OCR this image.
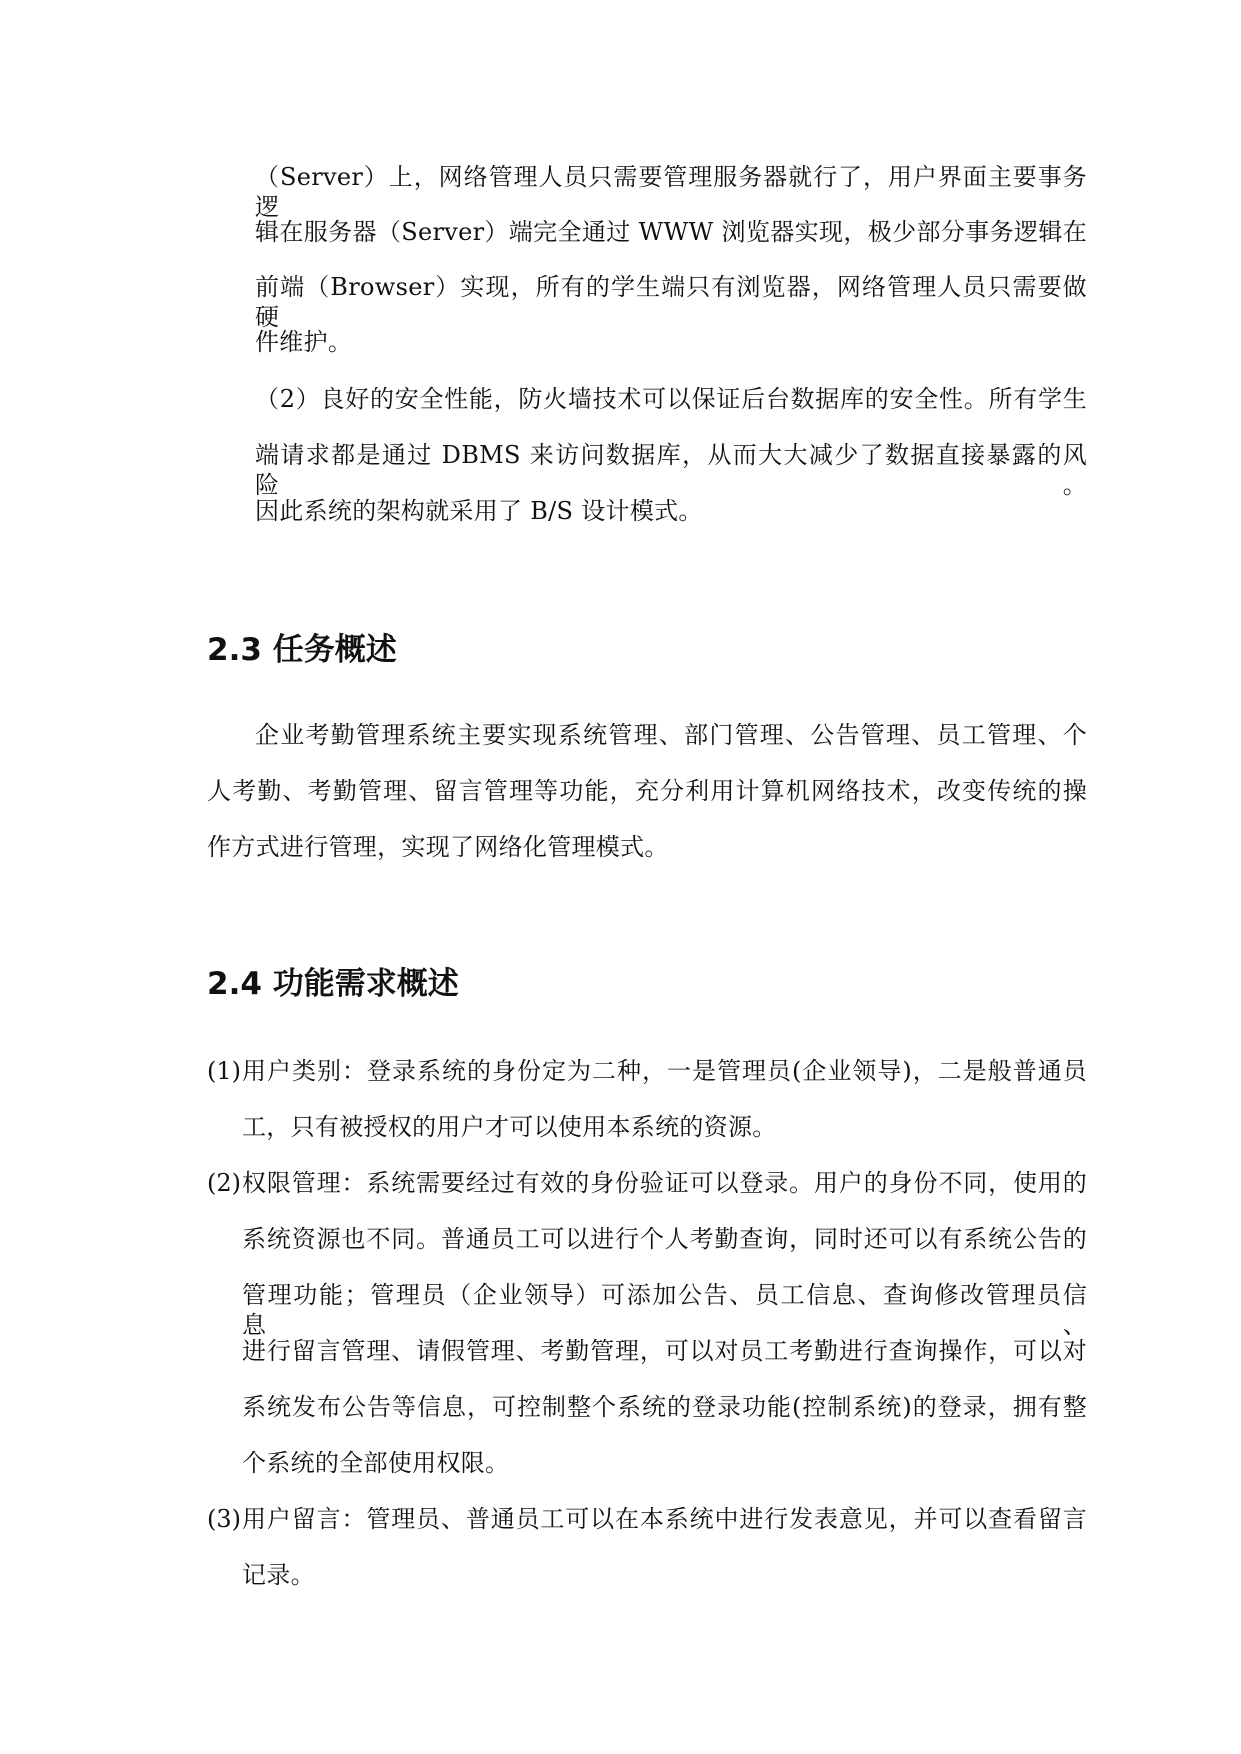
（Server）上，网络管理人员只需要管理服务器就行了，用户界面主要事务逻
辑在服务器（Server）端完全通过 WWW 浏览器实现，极少部分事务逻辑在
前端（Browser）实现，所有的学生端只有浏览器，网络管理人员只需要做硬
件维护。
（2）良好的安全性能，防火墙技术可以保证后台数据库的安全性。所有学生
端请求都是通过 DBMS 来访问数据库，从而大大减少了数据直接暴露的风险。
因此系统的架构就采用了 B/S 设计模式。
2.3 任务概述
企业考勤管理系统主要实现系统管理、部门管理、公告管理、员工管理、个
人考勤、考勤管理、留言管理等功能，充分利用计算机网络技术，改变传统的操
作方式进行管理，实现了网络化管理模式。
2.4 功能需求概述
(1) 用户类别：登录系统的身份定为二种，一是管理员(企业领导)，二是般普通员
工，只有被授权的用户才可以使用本系统的资源。
(2) 权限管理：系统需要经过有效的身份验证可以登录。用户的身份不同，使用的
系统资源也不同。普通员工可以进行个人考勤查询，同时还可以有系统公告的
管理功能；管理员（企业领导）可添加公告、员工信息、查询修改管理员信息、
进行留言管理、请假管理、考勤管理，可以对员工考勤进行查询操作，可以对
系统发布公告等信息，可控制整个系统的登录功能(控制系统)的登录，拥有整
个系统的全部使用权限。
(3) 用户留言：管理员、普通员工可以在本系统中进行发表意见，并可以查看留言
记录。
